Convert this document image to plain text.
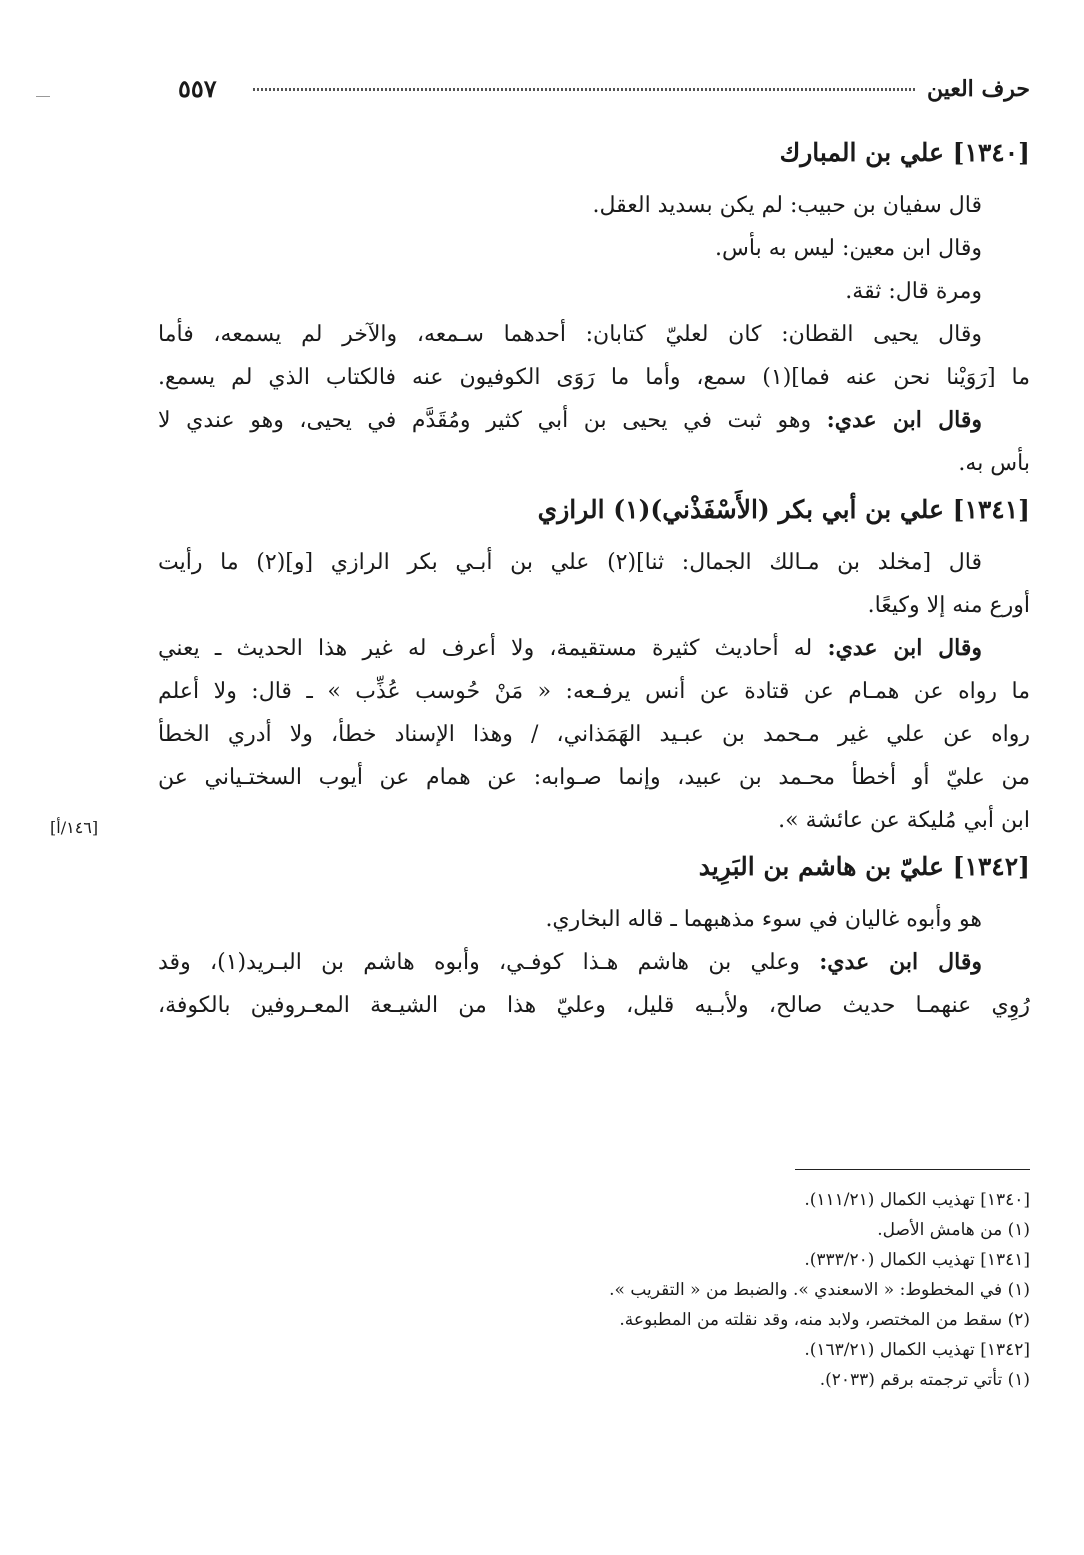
حرف العين
٥٥٧
[١٣٤٠] علي بن المبارك
قال سفيان بن حبيب: لم يكن بسديد العقل.
وقال ابن معين: ليس به بأس.
ومرة قال: ثقة.
وقال يحيى القطان: كان لعليّ كتابان: أحدهما سـمعه، والآخر لم يسمعه، فأما
ما [رَوَيْنا نحن عنه فما](١) سمع، وأما ما رَوَى الكوفيون عنه فالكتاب الذي لم يسمع.
وقال ابن عدي: وهو ثبت في يحيى بن أبي كثير ومُقَدَّم في يحيى، وهو عندي لا
بأس به.
[١٣٤١] علي بن أبي بكر (الأَسْفَذْني)(١) الرازي
قال [مخلد بن مـالك الجمال: ثنا](٢) علي بن أبـي بكر الرازي [و](٢) ما رأيت
أورع منه إلا وكيعًا.
وقال ابن عدي: له أحاديث كثيرة مستقيمة، ولا أعرف له غير هذا الحديث ـ يعني
ما رواه عن همـام عن قتادة عن أنس يرفـعه: « مَنْ حُوسب عُذِّب » ـ قال: ولا أعلم
رواه عن علي غير مـحمد بن عبـيد الهَمَذاني، / وهذا الإسناد خطأ، ولا أدري الخطأ
من عليّ أو أخطأ محـمد بن عبيد، وإنما صـوابه: عن همام عن أيوب السختـياني عن
ابن أبي مُليكة عن عائشة ».
[١٣٤٢] عليّ بن هاشم بن البَرِيد
هو وأبوه غاليان في سوء مذهبهما ـ قاله البخاري.
وقال ابن عدي: وعلي بن هاشم هـذا كوفـي، وأبوه هاشم بن البـريد(١)، وقد
رُوِي عنهمـا حديث صالح، ولأبـيه قليل، وعليّ هذا من الشيـعة المعـروفين بالكوفة،
[١٤٦/أ]
[١٣٤٠] تهذيب الكمال (١١١/٢١).
(١) من هامش الأصل.
[١٣٤١] تهذيب الكمال (٣٣٣/٢٠).
(١) في المخطوط: « الاسعندي ». والضبط من « التقريب ».
(٢) سقط من المختصر، ولابد منه، وقد نقلته من المطبوعة.
[١٣٤٢] تهذيب الكمال (١٦٣/٢١).
(١) تأتي ترجمته برقم (٢٠٣٣).
